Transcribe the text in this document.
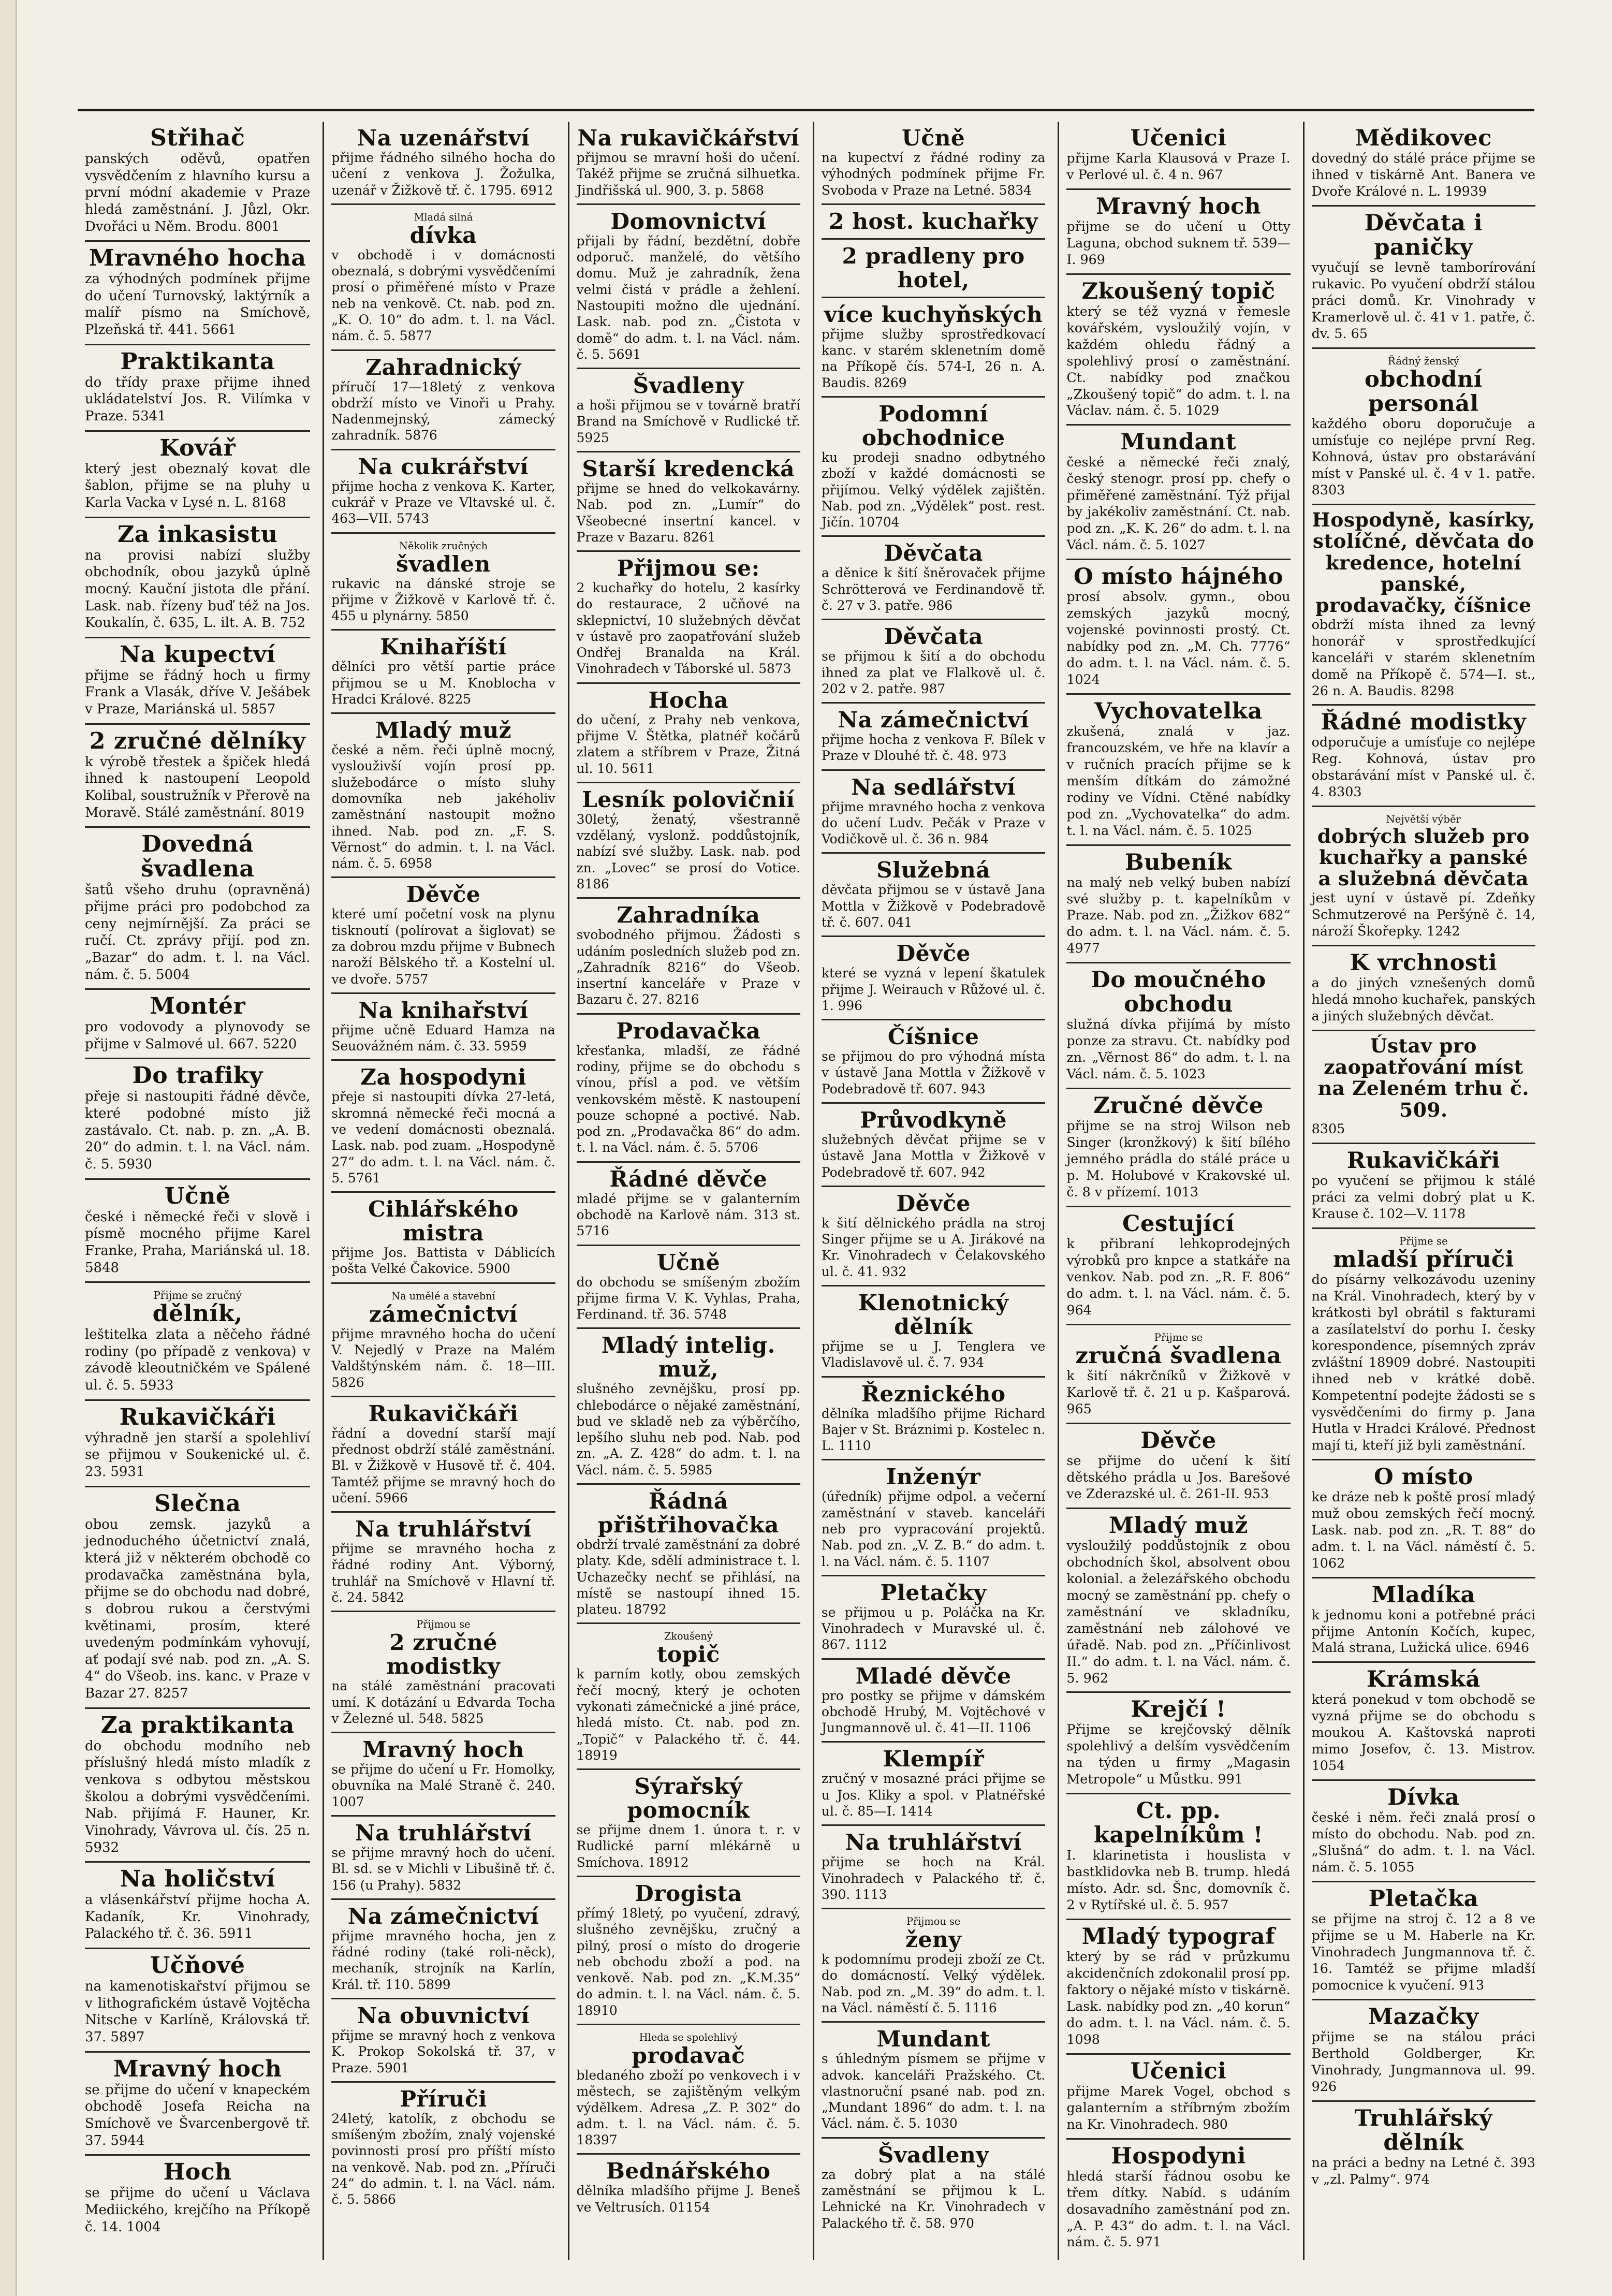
Střihač
panských oděvů, opatřen vysvědčením z hlavního kursu a první módní akademie v Praze hledá zaměstnání. J. Jůzl, Okr. Dvořáci u Něm. Brodu. 8001
Mravného hocha
za výhodných podmínek přijme do učení Turnovský, laktýrník a malíř písmo na Smíchově, Plzeňská tř. 441. 5661
Praktikanta
do třídy praxe přijme ihned ukládatelství Jos. R. Vilímka v Praze. 5341
Kovář
který jest obeznalý kovat dle šablon, přijme se na pluhy u Karla Vacka v Lysé n. L. 8168
Za inkasistu
na provisi nabízí služby obchodník, obou jazyků úplně mocný. Kauční jistota dle přání. Lask. nab. řízeny buď též na Jos. Koukalín, č. 635, L. ilt. A. B. 752
Na kupectví
přijme se řádný hoch u firmy Frank a Vlasák, dříve V. Ješábek v Praze, Mariánská ul. 5857
2 zručné dělníky
k výrobě třestek a špiček hledá ihned k nastoupení Leopold Kolibal, soustružník v Přerově na Moravě. Stálé zaměstnání. 8019
Dovedná švadlena
šatů všeho druhu (opravněná) přijme práci pro podobchod za ceny nejmírnější. Za práci se ručí. Ct. zprávy přijí. pod zn. „Bazar“ do adm. t. l. na Václ. nám. č. 5. 5004
Montér
pro vodovody a plynovody se přijme v Salmové ul. 667. 5220
Do trafiky
přeje si nastoupiti řádné děvče, které podobné místo již zastávalo. Ct. nab. p. zn. „A. B. 20“ do admin. t. l. na Václ. nám. č. 5. 5930
Učně
české i německé řeči v slově i písmě mocného přijme Karel Franke, Praha, Mariánská ul. 18. 5848
Přijme se zručný
dělník,
leštitelka zlata a něčeho řádné rodiny (po případě z venkova) v závodě kleoutničkém ve Spálené ul. č. 5. 5933
Rukavičkáři
výhradně jen starší a spolehliví se přijmou v Soukenické ul. č. 23. 5931
Slečna
obou zemsk. jazyků a jednoduchého účetnictví znalá, která již v některém obchodě co prodavačka zaměstnána byla, přijme se do obchodu nad dobré, s dobrou rukou a čerstvými květinami, prosím, které uvedeným podmínkám vyhovují, ať podají své nab. pod zn. „A. S. 4“ do Všeob. ins. kanc. v Praze v Bazar 27. 8257
Za praktikanta
do obchodu modního neb příslušný hledá místo mladík z venkova s odbytou městskou školou a dobrými vysvědčeními. Nab. přijímá F. Hauner, Kr. Vinohrady, Vávrova ul. čís. 25 n. 5932
Na holičství
a vlásenkářství přijme hocha A. Kadaník, Kr. Vinohrady, Palackého tř. č. 36. 5911
Učňové
na kamenotiskařství přijmou se v lithografickém ústavě Vojtěcha Nitsche v Karlíně, Královská tř. 37. 5897
Mravný hoch
se přijme do učení v knapeckém obchodě Josefa Reicha na Smíchově ve Švarcenbergově tř. 37. 5944
Hoch
se přijme do učení u Václava Mediického, krejčího na Příkopě č. 14. 1004
Na uzenářství
přijme řádného silného hocha do učení z venkova J. Žožulka, uzenář v Žižkově tř. č. 1795. 6912
Mladá silná
dívka
v obchodě i v domácnosti obeznalá, s dobrými vysvědčeními prosí o přiměřené místo v Praze neb na venkově. Ct. nab. pod zn. „K. O. 10“ do adm. t. l. na Václ. nám. č. 5. 5877
Zahradnický
příručí 17—18letý z venkova obdrží místo ve Vinoři u Prahy. Nadenmejnský, zámecký zahradník. 5876
Na cukrářství
přijme hocha z venkova K. Karter, cukrář v Praze ve Vltavské ul. č. 463—VII. 5743
Několik zručných
švadlen
rukavic na dánské stroje se přijme v Žižkově v Karlově tř. č. 455 u plynárny. 5850
Knihaříští
dělníci pro větší partie práce přijmou se u M. Knoblocha v Hradci Králové. 8225
Mladý muž
české a něm. řeči úplně mocný, vyslouživší vojín prosí pp. služebodárce o místo sluhy domovníka neb jakéholiv zaměstnání nastoupit možno ihned. Nab. pod zn. „F. S. Věrnost“ do admin. t. l. na Václ. nám. č. 5. 6958
Děvče
které umí početní vosk na plynu tisknoutí (polírovat a šiglovat) se za dobrou mzdu přijme v Bubnech naroží Bělského tř. a Kostelní ul. ve dvoře. 5757
Na knihařství
přijme učně Eduard Hamza na Seuovážném nám. č. 33. 5959
Za hospodyni
přeje si nastoupiti dívka 27-letá, skromná německé řeči mocná a ve vedení domácnosti obeznalá. Lask. nab. pod zuam. „Hospodyně 27“ do adm. t. l. na Václ. nám. č. 5. 5761
Cihlářského mistra
přijme Jos. Battista v Dáblicích pošta Velké Čakovice. 5900
Na umělé a stavební
zámečnictví
přijme mravného hocha do učení V. Nejedlý v Praze na Malém Valdštýnském nám. č. 18—III. 5826
Rukavičkáři
řádní a dovední starší mají přednost obdrží stálé zaměstnání. Bl. v Žižkově v Husově tř. č. 404. Tamtéž přijme se mravný hoch do učení. 5966
Na truhlářství
přijme se mravného hocha z řádné rodiny Ant. Výborný, truhlář na Smíchově v Hlavní tř. č. 24. 5842
Přijmou se
2 zručné modistky
na stálé zaměstnání pracovati umí. K dotázání u Edvarda Tocha v Železné ul. 548. 5825
Mravný hoch
se přijme do učení u Fr. Homolky, obuvníka na Malé Straně č. 240. 1007
Na truhlářství
se přijme mravný hoch do učení. Bl. sd. se v Michli v Libušině tř. č. 156 (u Prahy). 5832
Na zámečnictví
přijme mravného hocha, jen z řádné rodiny (také roli-něck), mechaník, strojník na Karlín, Král. tř. 110. 5899
Na obuvnictví
přijme se mravný hoch z venkova K. Prokop Sokolská tř. 37, v Praze. 5901
Příruči
24letý, katolík, z obchodu se smíšeným zbožím, znalý vojenské povinnosti prosí pro příští místo na venkově. Nab. pod zn. „Příruči 24“ do admin. t. l. na Václ. nám. č. 5. 5866
Na rukavičkářství
přijmou se mravní hoši do učení. Takéž přijme se zručná silhuetka. Jindřišská ul. 900, 3. p. 5868
Domovnictví
přijali by řádní, bezdětní, dobře odporuč. manželé, do většího domu. Muž je zahradník, žena velmi čistá v prádle a žehlení. Nastoupiti možno dle ujednání. Lask. nab. pod zn. „Čistota v domě“ do adm. t. l. na Václ. nám. č. 5. 5691
Švadleny
a hoši přijmou se v továrně bratří Brand na Smíchově v Rudlické tř. 5925
Starší kredencká
přijme se hned do velkokavárny. Nab. pod zn. „Lumír“ do Všeobecné insertní kancel. v Praze v Bazaru. 8261
Přijmou se:
2 kuchařky do hotelu, 2 kasírky do restaurace, 2 učňové na sklepnictví, 10 služebných děvčat v ústavě pro zaopatřování služeb Ondřej Branalda na Král. Vinohradech v Táborské ul. 5873
Hocha
do učení, z Prahy neb venkova, přijme V. Štětka, platnéř kočárů zlatem a stříbrem v Praze, Žitná ul. 10. 5611
Lesník polovičnií
30letý, ženatý, všestranně vzdělaný, vyslonž. poddůstojník, nabízí své služby. Lask. nab. pod zn. „Lovec“ se prosí do Votice. 8186
Zahradníka
svobodného přijmou. Žádosti s udáním posledních služeb pod zn. „Zahradník 8216“ do Všeob. insertní kanceláře v Praze v Bazaru č. 27. 8216
Prodavačka
křesťanka, mladší, ze řádné rodiny, přijme se do obchodu s vínou, přísl a pod. ve větším venkovském městě. K nastoupení pouze schopné a poctivé. Nab. pod zn. „Prodavačka 86“ do adm. t. l. na Václ. nám. č. 5. 5706
Řádné děvče
mladé přijme se v galanterním obchodě na Karlově nám. 313 st. 5716
Učně
do obchodu se smíšeným zbožím přijme firma V. K. Vyhlas, Praha, Ferdinand. tř. 36. 5748
Mladý intelig. muž,
slušného zevnějšku, prosí pp. chlebodárce o nějaké zaměstnání, bud ve skladě neb za výběrčího, lepšího sluhu neb pod. Nab. pod zn. „A. Z. 428“ do adm. t. l. na Václ. nám. č. 5. 5985
Řádná přištřihovačka
obdrží trvalé zaměstnání za dobré platy. Kde, sdělí administrace t. l. Uchazečky nechť se přihlásí, na místě se nastoupí ihned 15. plateu. 18792
Zkoušený
topič
k parním kotly, obou zemských řečí mocný, který je ochoten vykonati zámečnické a jiné práce, hledá místo. Ct. nab. pod zn. „Topič“ v Palackého tř. č. 44. 18919
Sýrařský pomocník
se přijme dnem 1. února t. r. v Rudlické parní mlékárně u Smíchova. 18912
Drogista
přímý 18letý, po vyučení, zdravý, slušného zevnějšku, zručný a pilný, prosí o místo do drogerie neb obchodu zboží a pod. na venkově. Nab. pod zn. „K.M.35“ do admin. t. l. na Václ. nám. č. 5. 18910
Hleda se spolehlivý
prodavač
bledaného zboží po venkovech i v městech, se zajištěným velkým výdělkem. Adresa „Z. P. 302“ do adm. t. l. na Václ. nám. č. 5. 18397
Bednářského
dělníka mladšího přijme J. Beneš ve Veltrusích. 01154
Učně
na kupectví z řádné rodiny za výhodných podmínek přijme Fr. Svoboda v Praze na Letné. 5834
2 host. kuchařky
2 pradleny pro hotel,
více kuchyňských
přijme služby sprostředkovací kanc. v starém sklenetním domě na Příkopě čís. 574-I, 26 n. A. Baudis. 8269
Podomní obchodnice
ku prodeji snadno odbytného zboží v každé domácnosti se přijímou. Velký výdělek zajištěn. Nab. pod zn. „Výdělek“ post. rest. Jičín. 10704
Děvčata
a děnice k šití šněrovaček přijme Schrötterová ve Ferdinandově tř. č. 27 v 3. patře. 986
Děvčata
se přijmou k šití a do obchodu ihned za plat ve Flalkově ul. č. 202 v 2. patře. 987
Na zámečnictví
přijme hocha z venkova F. Bílek v Praze v Dlouhé tř. č. 48. 973
Na sedlářství
přijme mravného hocha z venkova do učení Ludv. Pečák v Praze v Vodičkově ul. č. 36 n. 984
Služebná
děvčata přijmou se v ústavě Jana Mottla v Žižkově v Podebradově tř. č. 607. 041
Děvče
které se vyzná v lepení škatulek přijme J. Weirauch v Růžové ul. č. 1. 996
Číšnice
se přijmou do pro výhodná místa v ústavě Jana Mottla v Žižkově v Podebradově tř. 607. 943
Průvodkyně
služebných děvčat přijme se v ústavě Jana Mottla v Žižkově v Podebradově tř. 607. 942
Děvče
k šití dělnického prádla na stroj Singer přijme se u A. Jirákové na Kr. Vinohradech v Čelakovského ul. č. 41. 932
Klenotnický dělník
přijme se u J. Tenglera ve Vladislavově ul. č. 7. 934
Řeznického
dělníka mladšího přijme Richard Bajer v St. Bráznimi p. Kostelec n. L. 1110
Inženýr
(úředník) přijme odpol. a večerní zaměstnání v staveb. kanceláři neb pro vypracování projektů. Nab. pod zn. „V. Z. B.“ do adm. t. l. na Václ. nám. č. 5. 1107
Pletačky
se přijmou u p. Poláčka na Kr. Vinohradech v Muravské ul. č. 867. 1112
Mladé děvče
pro postky se přijme v dámském obchodě Hrubý, M. Vojtěchové v Jungmannově ul. č. 41—II. 1106
Klempíř
zručný v mosazné práci přijme se u Jos. Kliky a spol. v Platnéřské ul. č. 85—I. 1414
Na truhlářství
přijme se hoch na Král. Vinohradech v Palackého tř. č. 390. 1113
Přijmou se
ženy
k podomnímu prodeji zboží ze Ct. do domácností. Velký výdělek. Nab. pod zn. „M. 39“ do adm. t. l. na Václ. náměstí č. 5. 1116
Mundant
s úhledným písmem se přijme v advok. kanceláři Pražského. Ct. vlastnoruční psané nab. pod zn. „Mundant 1896“ do adm. t. l. na Václ. nám. č. 5. 1030
Švadleny
za dobrý plat a na stálé zaměstnání se přijmou k L. Lehnické na Kr. Vinohradech v Palackého tř. č. 58. 970
Učenici
přijme Karla Klausová v Praze I. v Perlové ul. č. 4 n. 967
Mravný hoch
přijme se do učení u Otty Laguna, obchod suknem tř. 539—I. 969
Zkoušený topič
který se též vyzná v řemesle kovářském, vysloužilý vojín, v každém ohledu řádný a spolehlivý prosí o zaměstnání. Ct. nabídky pod značkou „Zkoušený topič“ do adm. t. l. na Václav. nám. č. 5. 1029
Mundant
české a německé řeči znalý, český stenogr. prosí pp. chefy o přiměřené zaměstnání. Týž přijal by jakékoliv zaměstnání. Ct. nab. pod zn. „K. K. 26“ do adm. t. l. na Václ. nám. č. 5. 1027
O místo hájného
prosí absolv. gymn., obou zemských jazyků mocný, vojenské povinnosti prostý. Ct. nabídky pod zn. „M. Ch. 7776“ do adm. t. l. na Václ. nám. č. 5. 1024
Vychovatelka
zkušená, znalá v jaz. francouzském, ve hře na klavír a v ručních pracích přijme se k menším dítkám do zámožné rodiny ve Vídni. Ctěné nabídky pod zn. „Vychovatelka“ do adm. t. l. na Václ. nám. č. 5. 1025
Bubeník
na malý neb velký buben nabízí své služby p. t. kapelníkům v Praze. Nab. pod zn. „Žižkov 682“ do adm. t. l. na Václ. nám. č. 5. 4977
Do moučného obchodu
služná dívka přijímá by místo ponze za stravu. Ct. nabídky pod zn. „Věrnost 86“ do adm. t. l. na Václ. nám. č. 5. 1023
Zručné děvče
přijme se na stroj Wilson neb Singer (kronžkový) k šití bílého jemného prádla do stálé práce u p. M. Holubové v Krakovské ul. č. 8 v přízemí. 1013
Cestující
k přibraní lehkoprodejných výrobků pro knpce a statkáře na venkov. Nab. pod zn. „R. F. 806“ do adm. t. l. na Václ. nám. č. 5. 964
Přijme se
zručná švadlena
k šití nákrčníků v Žižkově v Karlově tř. č. 21 u p. Kašparová. 965
Děvče
se přijme do učení k šití dětského prádla u Jos. Barešové ve Zderazské ul. č. 261-II. 953
Mladý muž
vysloužilý poddůstojník z obou obchodních škol, absolvent obou kolonial. a železářského obchodu mocný se zaměstnání pp. chefy o zaměstnání ve skladníku, zaměstnání neb zálohové ve úřadě. Nab. pod zn. „Příčinlivost II.“ do adm. t. l. na Václ. nám. č. 5. 962
Krejčí !
Přijme se krejčovský dělník spolehlivý a delším vysvědčením na týden u firmy „Magasin Metropole“ u Můstku. 991
Ct. pp. kapelníkům !
I. klarinetista i houslista v bastklidovka neb B. trump. hledá místo. Adr. sd. Šnc, domovník č. 2 v Rytířské ul. č. 5. 957
Mladý typograf
který by se rád v průzkumu akcidenčních zdokonalil prosí pp. faktory o nějaké místo v tiskárně. Lask. nabídky pod zn. „40 korun“ do adm. t. l. na Václ. nám. č. 5. 1098
Učenici
přijme Marek Vogel, obchod s galanterním a stříbrným zbožím na Kr. Vinohradech. 980
Hospodyni
hledá starší řádnou osobu ke třem dítky. Nabíd. s udáním dosavadního zaměstnání pod zn. „A. P. 43“ do adm. t. l. na Václ. nám. č. 5. 971
Mědikovec
dovedný do stálé práce přijme se ihned v tiskárně Ant. Banera ve Dvoře Králové n. L. 19939
Děvčata i paničky
vyučují se levně tamborírování rukavic. Po vyučení obdrží stálou práci domů. Kr. Vinohrady v Kramerlově ul. č. 41 v 1. patře, č. dv. 5. 65
Řádný ženský
obchodní personál
každého oboru doporučuje a umísťuje co nejlépe první Reg. Kohnová, ústav pro obstarávání míst v Panské ul. č. 4 v 1. patře. 8303
Hospodyně, kasírky, stolíčné, děvčata do kredence, hotelní panské, prodavačky, číšnice
obdrží místa ihned za levný honorář v sprostředkující kanceláři v starém sklenetním domě na Příkopě č. 574—I. st., 26 n. A. Baudis. 8298
Řádné modistky
odporučuje a umísťuje co nejlépe Reg. Kohnová, ústav pro obstarávání míst v Panské ul. č. 4. 8303
Největší výběr
dobrých služeb pro kuchařky a panské a služebná děvčata
jest uyní v ústavě pí. Zdeňky Schmutzerové na Peršýně č. 14, nároží Škořepky. 1242
K vrchnosti
a do jiných vznešených domů hledá mnoho kuchařek, panských a jiných služebných děvčat.
Ústav pro zaopatřování míst na Zeleném trhu č. 509.
8305
Rukavičkáři
po vyučení se přijmou k stálé práci za velmi dobrý plat u K. Krause č. 102—V. 1178
Přijme se
mladší příruči
do písárny velkozávodu uzeniny na Král. Vinohradech, který by v krátkosti byl obrátil s fakturami a zasílatelství do porhu I. česky korespondence, písemných zpráv zvláštní 18909 dobré. Nastoupiti ihned neb v krátké době. Kompetentní podejte žádosti se s vysvědčeními do firmy p. Jana Hutla v Hradci Králové. Přednost mají ti, kteří již byli zaměstnání.
O místo
ke dráze neb k poště prosí mladý muž obou zemských řečí mocný. Lask. nab. pod zn. „R. T. 88“ do adm. t. l. na Václ. náměstí č. 5. 1062
Mladíka
k jednomu koni a potřebné práci přijme Antonín Kočích, kupec, Malá strana, Lužická ulice. 6946
Krámská
která ponekud v tom obchodě se vyzná přijme se do obchodu s moukou A. Kaštovská naproti mimo Josefov, č. 13. Mistrov. 1054
Dívka
české i něm. řeči znalá prosí o místo do obchodu. Nab. pod zn. „Slušná“ do adm. t. l. na Václ. nám. č. 5. 1055
Pletačka
se přijme na stroj č. 12 a 8 ve přijme se u M. Haberle na Kr. Vinohradech Jungmannova tř. č. 16. Tamtéž se přijme mladší pomocnice k vyučení. 913
Mazačky
přijme se na stálou práci Berthold Goldberger, Kr. Vinohrady, Jungmannova ul. 99. 926
Truhlářský dělník
na práci a bedny na Letné č. 393 v „zl. Palmy“. 974
